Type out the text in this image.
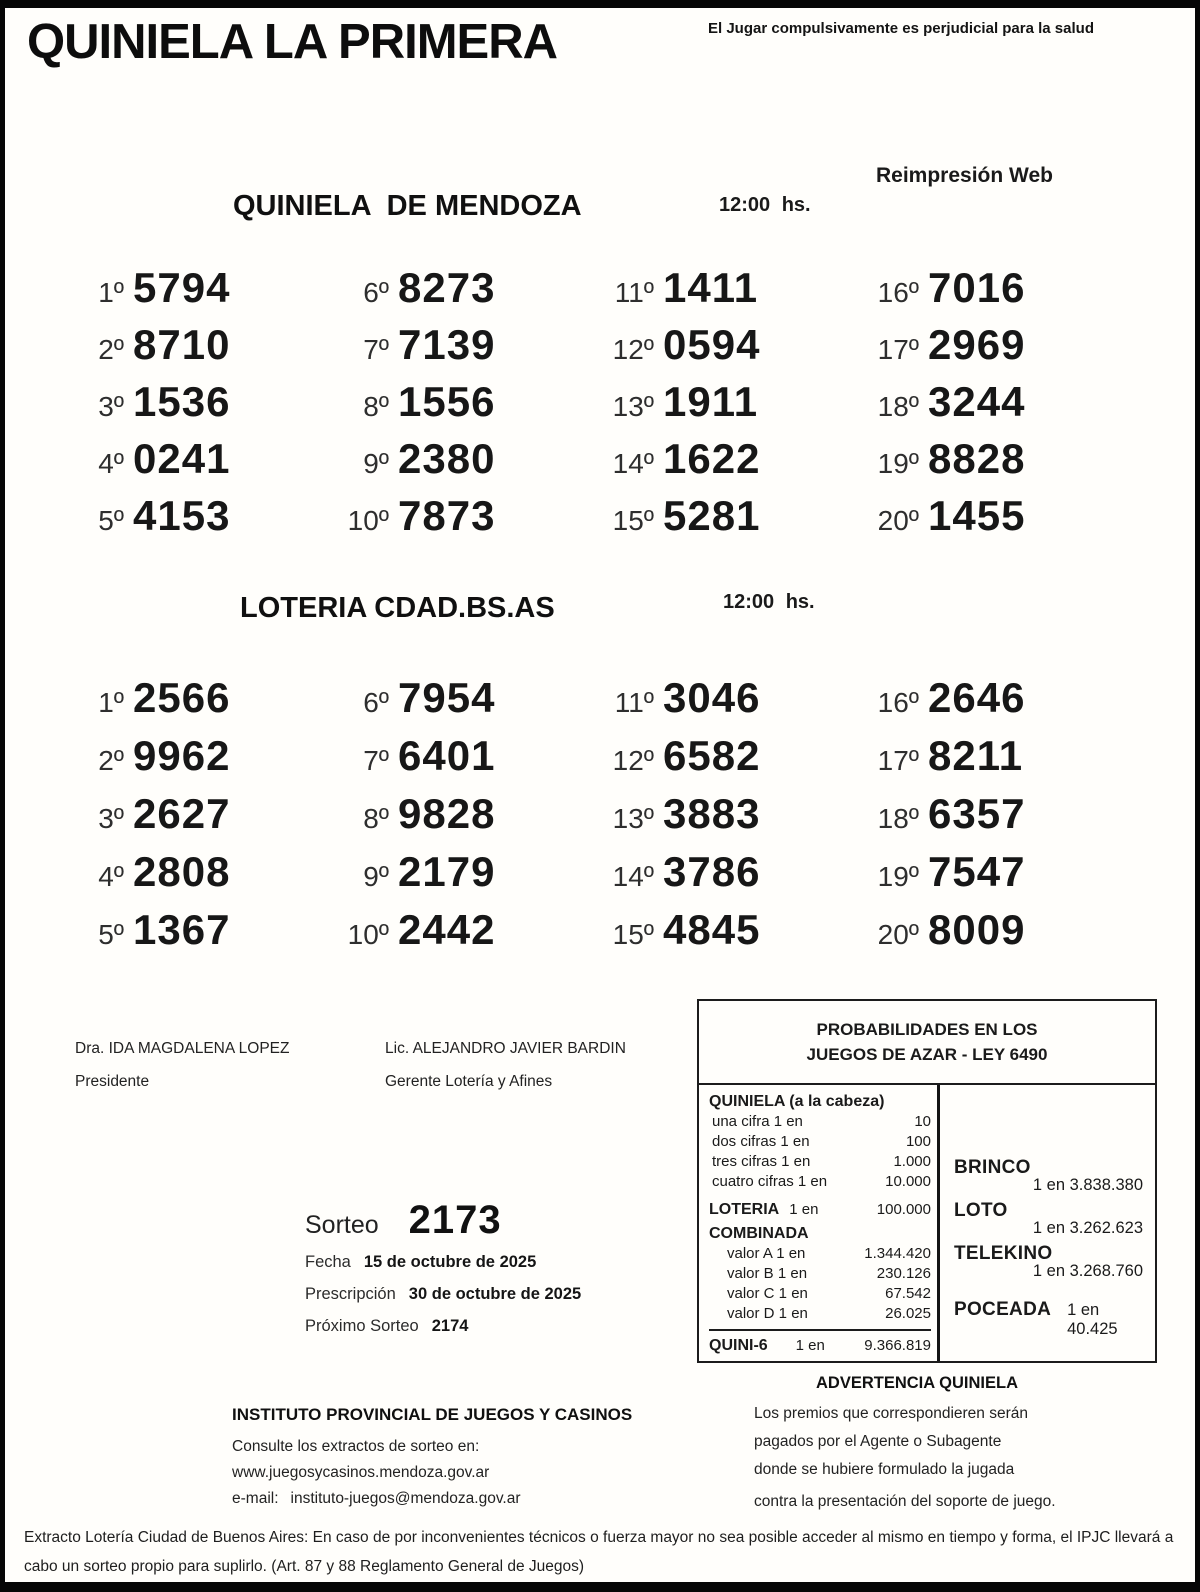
QUINIELA LA PRIMERA	El Jugar compulsivamente es perjudicial para la salud
Reimpresión Web
QUINIELA  DE MENDOZA	12:00 hs.
1º 5794
2º 8710
3º 1536
4º 0241
5º 4153
6º 8273
7º 7139
8º 1556
9º 2380
10º 7873
11º 1411
12º 0594
13º 1911
14º 1622
15º 5281
16º 7016
17º 2969
18º 3244
19º 8828
20º 1455
LOTERIA CDAD.BS.AS	12:00 hs.
1º 2566
2º 9962
3º 2627
4º 2808
5º 1367
6º 7954
7º 6401
8º 9828
9º 2179
10º 2442
11º 3046
12º 6582
13º 3883
14º 3786
15º 4845
16º 2646
17º 8211
18º 6357
19º 7547
20º 8009
Dra. IDA MAGDALENA LOPEZ
Presidente
Lic. ALEJANDRO JAVIER BARDIN
Gerente Lotería y Afines
Sorteo 2173
Fecha 15 de octubre de 2025
Prescripción 30 de octubre de 2025
Próximo Sorteo 2174
PROBABILIDADES EN LOS
JUEGOS DE AZAR - LEY 6490
QUINIELA (a la cabeza)
una cifra 1 en	10
dos cifras 1 en	100
tres cifras 1 en	1.000
cuatro cifras 1 en	10.000
LOTERIA 1 en	100.000
COMBINADA
valor A 1 en	1.344.420
valor B 1 en	230.126
valor C 1 en	67.542
valor D 1 en	26.025
QUINI-6 1 en	9.366.819
BRINCO
1 en 3.838.380
LOTO
1 en 3.262.623
TELEKINO
1 en 3.268.760
POCEADA 1 en 40.425
ADVERTENCIA QUINIELA
Los premios que correspondieren serán
pagados por el Agente o Subagente
donde se hubiere formulado la jugada
contra la presentación del soporte de juego.
INSTITUTO PROVINCIAL DE JUEGOS Y CASINOS
Consulte los extractos de sorteo en:
www.juegosycasinos.mendoza.gov.ar
e-mail: instituto-juegos@mendoza.gov.ar
Extracto Lotería Ciudad de Buenos Aires: En caso de por inconvenientes técnicos o fuerza mayor no sea posible acceder al mismo en tiempo y forma, el IPJC llevará a cabo un sorteo propio para suplirlo. (Art. 87 y 88 Reglamento General de Juegos)
